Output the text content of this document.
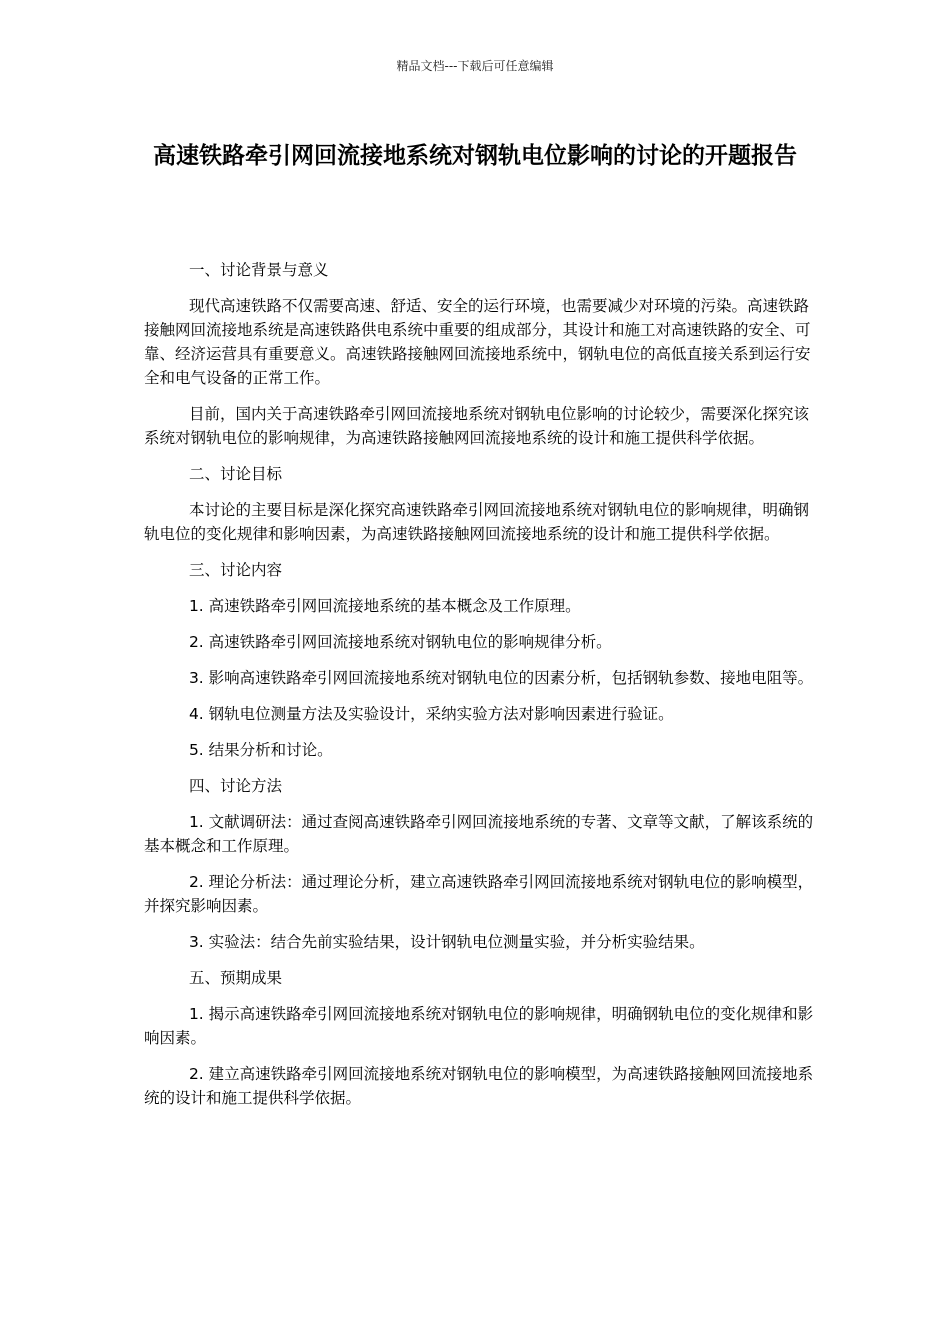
精品文档---下载后可任意编辑
高速铁路牵引网回流接地系统对钢轨电位影响的讨论的开题报告

一、讨论背景与意义

现代高速铁路不仅需要高速、舒适、安全的运行环境，也需要减少对环境的污染。高速铁路接触网回流接地系统是高速铁路供电系统中重要的组成部分，其设计和施工对高速铁路的安全、可靠、经济运营具有重要意义。高速铁路接触网回流接地系统中，钢轨电位的高低直接关系到运行安全和电气设备的正常工作。

目前，国内关于高速铁路牵引网回流接地系统对钢轨电位影响的讨论较少，需要深化探究该系统对钢轨电位的影响规律，为高速铁路接触网回流接地系统的设计和施工提供科学依据。

二、讨论目标

本讨论的主要目标是深化探究高速铁路牵引网回流接地系统对钢轨电位的影响规律，明确钢轨电位的变化规律和影响因素，为高速铁路接触网回流接地系统的设计和施工提供科学依据。

三、讨论内容

1. 高速铁路牵引网回流接地系统的基本概念及工作原理。

2. 高速铁路牵引网回流接地系统对钢轨电位的影响规律分析。

3. 影响高速铁路牵引网回流接地系统对钢轨电位的因素分析，包括钢轨参数、接地电阻等。

4. 钢轨电位测量方法及实验设计，采纳实验方法对影响因素进行验证。

5. 结果分析和讨论。

四、讨论方法

1. 文献调研法：通过查阅高速铁路牵引网回流接地系统的专著、文章等文献，了解该系统的基本概念和工作原理。

2. 理论分析法：通过理论分析，建立高速铁路牵引网回流接地系统对钢轨电位的影响模型，并探究影响因素。

3. 实验法：结合先前实验结果，设计钢轨电位测量实验，并分析实验结果。

五、预期成果

1. 揭示高速铁路牵引网回流接地系统对钢轨电位的影响规律，明确钢轨电位的变化规律和影响因素。

2. 建立高速铁路牵引网回流接地系统对钢轨电位的影响模型，为高速铁路接触网回流接地系统的设计和施工提供科学依据。
